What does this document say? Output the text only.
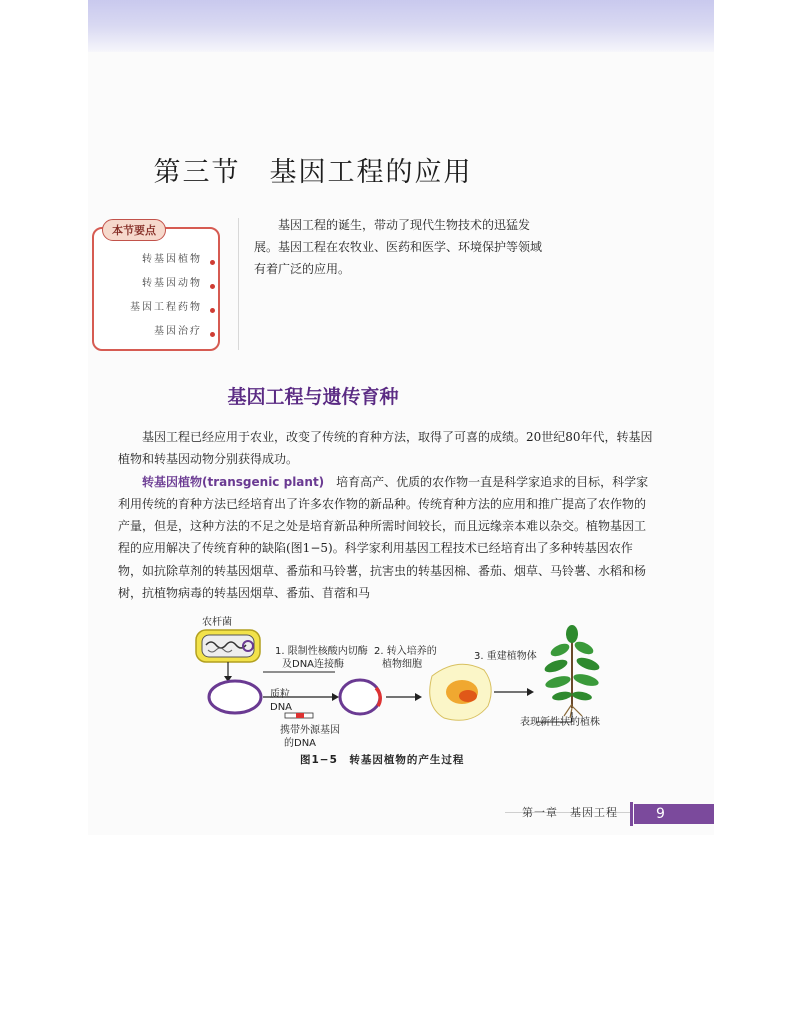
第三节　基因工程的应用
本节要点
转基因植物
转基因动物
基因工程药物
基因治疗
基因工程的诞生，带动了现代生物技术的迅猛发展。基因工程在农牧业、医药和医学、环境保护等领域有着广泛的应用。
基因工程与遗传育种

基因工程已经应用于农业，改变了传统的育种方法，取得了可喜的成绩。20世纪80年代，转基因植物和转基因动物分别获得成功。

转基因植物(transgenic plant)　培育高产、优质的农作物一直是科学家追求的目标，科学家利用传统的育种方法已经培育出了许多农作物的新品种。传统育种方法的应用和推广提高了农作物的产量，但是，这种方法的不足之处是培育新品种所需时间较长，而且远缘亲本难以杂交。植物基因工程的应用解决了传统育种的缺陷(图1−5)。科学家利用基因工程技术已经培育出了多种转基因农作物，如抗除草剂的转基因烟草、番茄和马铃薯，抗害虫的转基因棉、番茄、烟草、马铃薯、水稻和杨树，抗植物病毒的转基因烟草、番茄、苜蓿和马

农杆菌
Ti质粒	质粒
DNA
携带外源基因
的DNA
1. 限制性核酸内切酶
及DNA连接酶
2. 转入培养的
植物细胞
3. 重建植物体
表现新性状的植株
图1−5　转基因植物的产生过程
第一章　基因工程	9
